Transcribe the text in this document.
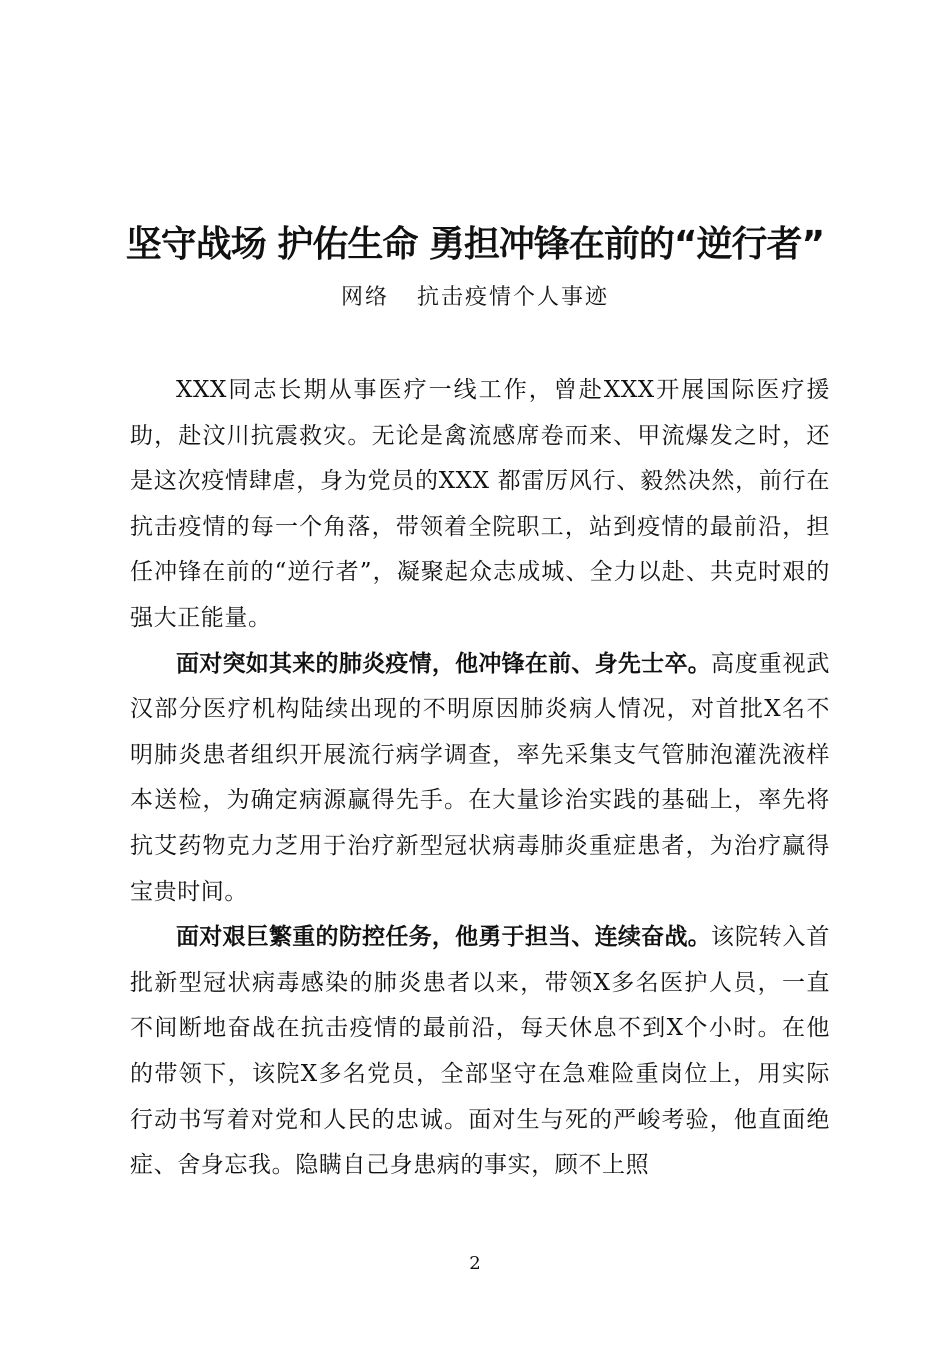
坚守战场 护佑生命 勇担冲锋在前的“逆行者”

网络 抗击疫情个人事迹

XXX同志长期从事医疗一线工作，曾赴XXX开展国际医疗援助，赴汶川抗震救灾。无论是禽流感席卷而来、甲流爆发之时，还是这次疫情肆虐，身为党员的XXX 都雷厉风行、毅然决然，前行在抗击疫情的每一个角落，带领着全院职工，站到疫情的最前沿，担任冲锋在前的“逆行者”，凝聚起众志成城、全力以赴、共克时艰的强大正能量。

面对突如其来的肺炎疫情，他冲锋在前、身先士卒。高度重视武汉部分医疗机构陆续出现的不明原因肺炎病人情况，对首批X名不明肺炎患者组织开展流行病学调查，率先采集支气管肺泡灌洗液样本送检，为确定病源赢得先手。在大量诊治实践的基础上，率先将抗艾药物克力芝用于治疗新型冠状病毒肺炎重症患者，为治疗赢得宝贵时间。

面对艰巨繁重的防控任务，他勇于担当、连续奋战。该院转入首批新型冠状病毒感染的肺炎患者以来，带领X多名医护人员，一直不间断地奋战在抗击疫情的最前沿，每天休息不到X个小时。在他的带领下，该院X多名党员，全部坚守在急难险重岗位上，用实际行动书写着对党和人民的忠诚。面对生与死的严峻考验，他直面绝症、舍身忘我。隐瞒自己身患病的事实，顾不上照

2
